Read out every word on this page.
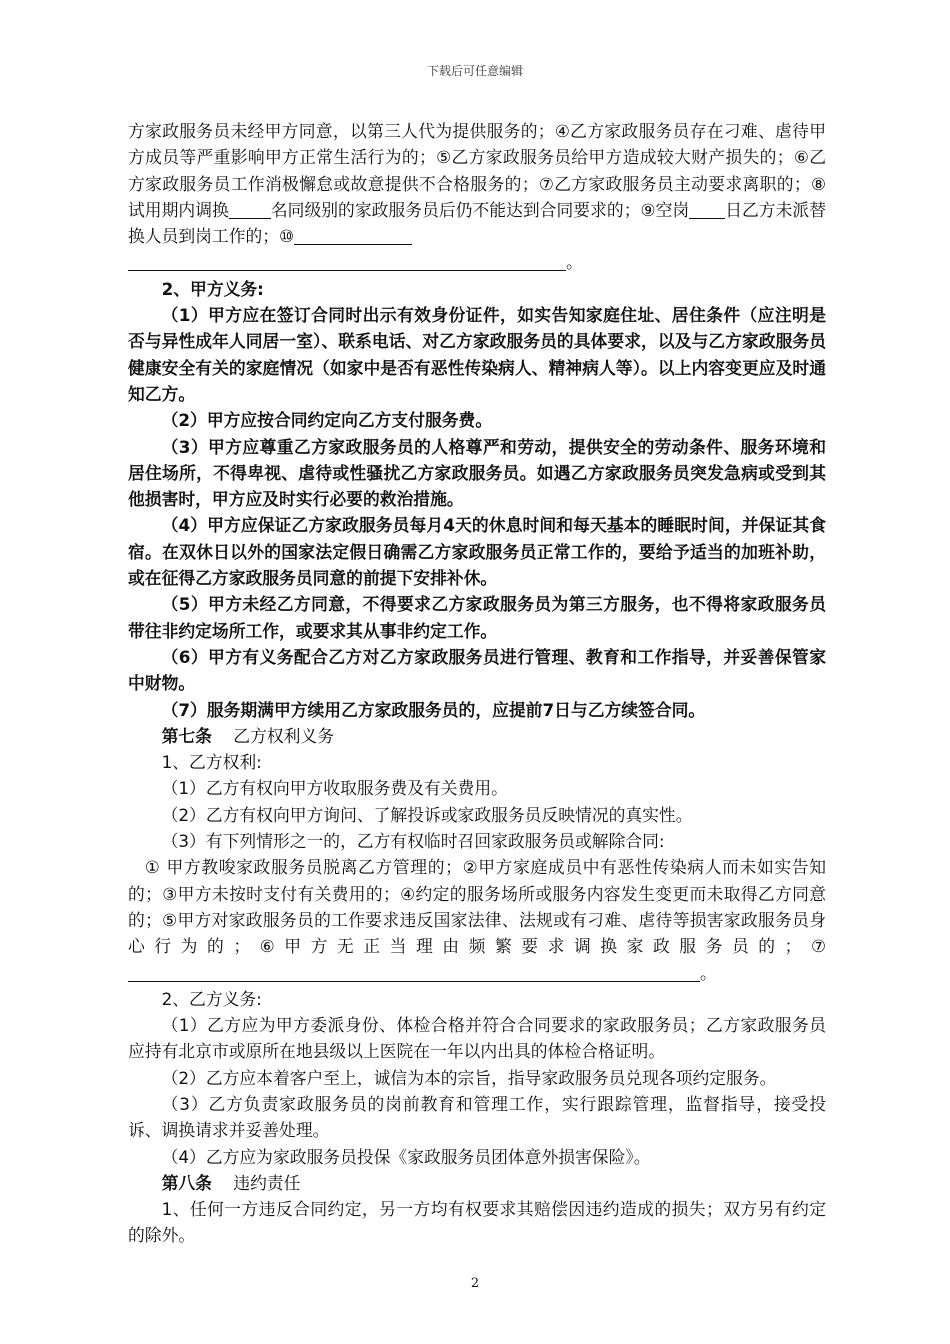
下载后可任意编辑
方家政服务员未经甲方同意，以第三人代为提供服务的；④乙方家政服务员存在刁难、虐待甲方成员等严重影响甲方正常生活行为的；⑤乙方家政服务员给甲方造成较大财产损失的；⑥乙方家政服务员工作消极懈怠或故意提供不合格服务的；⑦乙方家政服务员主动要求离职的；⑧试用期内调换	名同级别的家政服务员后仍不能达到合同要求的；⑨空岗 日乙方未派替换人员到岗工作的；⑩
。
2、甲方义务:
（1）甲方应在签订合同时出示有效身份证件，如实告知家庭住址、居住条件（应注明是否与异性成年人同居一室）、联系电话、对乙方家政服务员的具体要求，以及与乙方家政服务员健康安全有关的家庭情况（如家中是否有恶性传染病人、精神病人等）。以上内容变更应及时通知乙方。
（2）甲方应按合同约定向乙方支付服务费。
（3）甲方应尊重乙方家政服务员的人格尊严和劳动，提供安全的劳动条件、服务环境和居住场所，不得卑视、虐待或性骚扰乙方家政服务员。如遇乙方家政服务员突发急病或受到其他损害时，甲方应及时实行必要的救治措施。
（4）甲方应保证乙方家政服务员每月4天的休息时间和每天基本的睡眠时间，并保证其食宿。在双休日以外的国家法定假日确需乙方家政服务员正常工作的，要给予适当的加班补助，或在征得乙方家政服务员同意的前提下安排补休。
（5）甲方未经乙方同意，不得要求乙方家政服务员为第三方服务，也不得将家政服务员带往非约定场所工作，或要求其从事非约定工作。
（6）甲方有义务配合乙方对乙方家政服务员进行管理、教育和工作指导，并妥善保管家中财物。
（7）服务期满甲方续用乙方家政服务员的，应提前7日与乙方续签合同。
第七条 乙方权利义务
1、乙方权利:
（1）乙方有权向甲方收取服务费及有关费用。
（2）乙方有权向甲方询问、了解投诉或家政服务员反映情况的真实性。
（3）有下列情形之一的，乙方有权临时召回家政服务员或解除合同:
① 甲方教唆家政服务员脱离乙方管理的；②甲方家庭成员中有恶性传染病人而未如实告知的；③甲方未按时支付有关费用的；④约定的服务场所或服务内容发生变更而未取得乙方同意的；⑤甲方对家政服务员的工作要求违反国家法律、法规或有刁难、虐待等损害家政服务员身心行为的；⑥甲方无正当理由频繁要求调换家政服务员的；⑦。
2、乙方义务:
（1）乙方应为甲方委派身份、体检合格并符合合同要求的家政服务员；乙方家政服务员应持有北京市或原所在地县级以上医院在一年以内出具的体检合格证明。
（2）乙方应本着客户至上，诚信为本的宗旨，指导家政服务员兑现各项约定服务。
（3）乙方负责家政服务员的岗前教育和管理工作，实行跟踪管理，监督指导，接受投诉、调换请求并妥善处理。
（4）乙方应为家政服务员投保《家政服务员团体意外损害保险》。
第八条 违约责任
1、任何一方违反合同约定，另一方均有权要求其赔偿因违约造成的损失；双方另有约定的除外。
2
